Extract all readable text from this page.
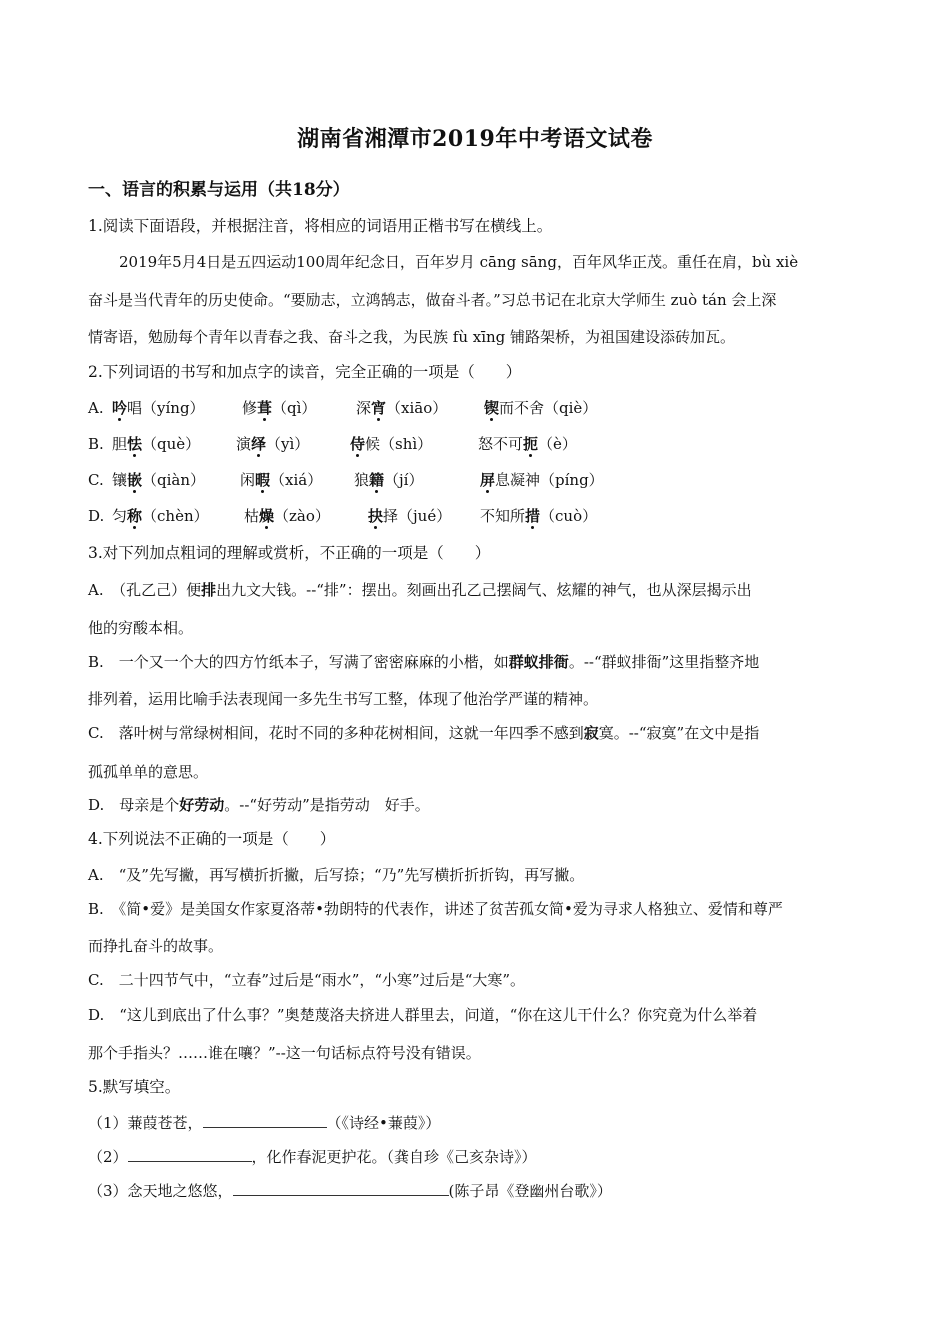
湖南省湘潭市2019年中考语文试卷
一、语言的积累与运用（共18分）
1.阅读下面语段，并根据注音，将相应的词语用正楷书写在横线上。
2019年5月4日是五四运动100周年纪念日，百年岁月 cāng sāng，百年风华正茂。重任在肩，bù xiè
奋斗是当代青年的历史使命。“要励志，立鸿鹄志，做奋斗者。”习总书记在北京大学师生 zuò tán 会上深
情寄语，勉励每个青年以青春之我、奋斗之我，为民族 fù xīng 铺路架桥，为祖国建设添砖加瓦。
2.下列词语的书写和加点字的读音，完全正确的一项是（　　）
A. 吟唱（yíng） 修葺（qì）	深宵（xiāo） 锲而不舍（qiè）
B. 胆怯（què） 演绎（yì）	侍候（shì）	怒不可扼（è）
C. 镶嵌（qiàn） 闲暇（xiá） 狼籍（jí）	屏息凝神（píng）
D. 匀称（chèn） 枯燥（zào）	抉择（jué） 不知所措（cuò）
3.对下列加点粗词的理解或赏析，不正确的一项是（　　）
A.　（孔乙己）便排出九文大钱。--“排”：摆出。刻画出孔乙己摆阔气、炫耀的神气，也从深层揭示出
他的穷酸本相。
B.　一个又一个大的四方竹纸本子，写满了密密麻麻的小楷，如群蚁排衙。--“群蚁排衙”这里指整齐地
排列着，运用比喻手法表现闻一多先生书写工整，体现了他治学严谨的精神。
C.　落叶树与常绿树相间，花时不同的多种花树相间，这就一年四季不感到寂寞。--“寂寞”在文中是指
孤孤单单的意思。
D.　母亲是个好劳动。--“好劳动”是指劳动　好手。
4.下列说法不正确的一项是（　　）
A.　“及”先写撇，再写横折折撇，后写捺；“乃”先写横折折折钩，再写撇。
B.　《简•爱》是美国女作家夏洛蒂•勃朗特的代表作，讲述了贫苦孤女简•爱为寻求人格独立、爱情和尊严
而挣扎奋斗的故事。
C.　二十四节气中，“立春”过后是“雨水”，“小寒”过后是“大寒”。
D.　“这儿到底出了什么事？”奥楚蔑洛夫挤进人群里去，问道，“你在这儿干什么？你究竟为什么举着
那个手指头？……谁在嚷？”--这一句话标点符号没有错误。
5.默写填空。
（1）蒹葭苍苍，	（《诗经•蒹葭》）
（2）	，化作春泥更护花。（龚自珍《己亥杂诗》）
（3）念天地之悠悠，	(陈子昂《登幽州台歌》）
